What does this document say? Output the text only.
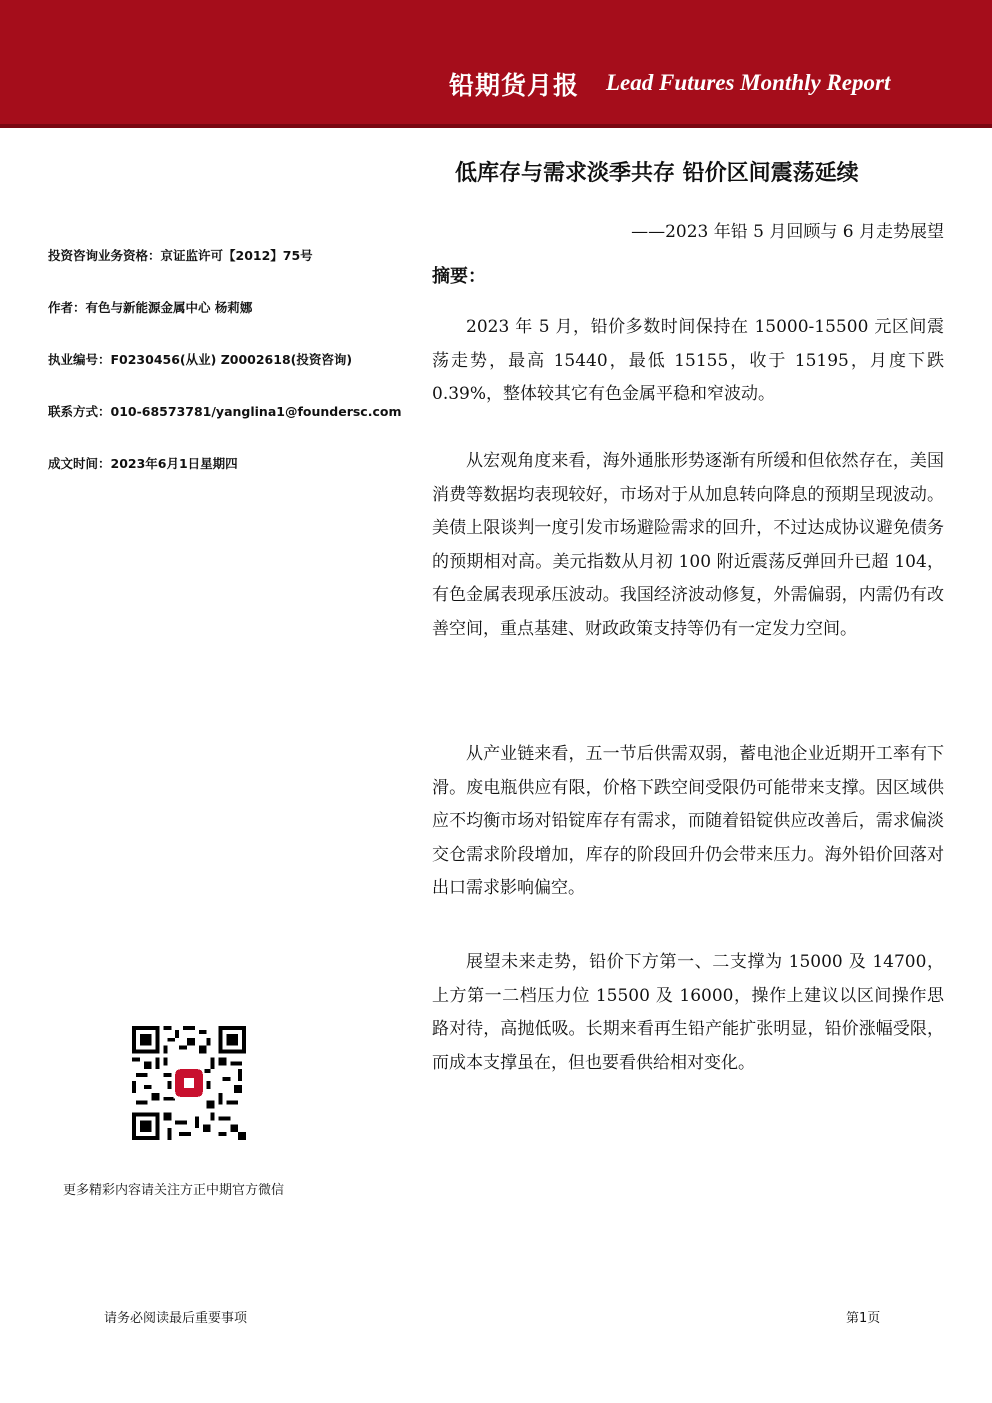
铅期货月报 Lead Futures Monthly Report
低库存与需求淡季共存 铅价区间震荡延续
——2023 年铅 5 月回顾与 6 月走势展望
投资咨询业务资格：京证监许可【2012】75号
作者：有色与新能源金属中心 杨莉娜
执业编号：F0230456(从业) Z0002618(投资咨询)
联系方式：010-68573781/yanglina1@foundersc.com
成文时间：2023年6月1日星期四
摘要：

2023 年 5 月，铅价多数时间保持在 15000-15500 元区间震荡走势，最高 15440，最低 15155，收于 15195，月度下跌 0.39%，整体较其它有色金属平稳和窄波动。

从宏观角度来看，海外通胀形势逐渐有所缓和但依然存在，美国消费等数据均表现较好，市场对于从加息转向降息的预期呈现波动。美债上限谈判一度引发市场避险需求的回升，不过达成协议避免债务的预期相对高。美元指数从月初 100 附近震荡反弹回升已超 104，有色金属表现承压波动。我国经济波动修复，外需偏弱，内需仍有改善空间，重点基建、财政政策支持等仍有一定发力空间。

从产业链来看，五一节后供需双弱，蓄电池企业近期开工率有下滑。废电瓶供应有限，价格下跌空间受限仍可能带来支撑。因区域供应不均衡市场对铅锭库存有需求，而随着铅锭供应改善后，需求偏淡交仓需求阶段增加，库存的阶段回升仍会带来压力。海外铅价回落对出口需求影响偏空。

展望未来走势，铅价下方第一、二支撑为 15000 及 14700，上方第一二档压力位 15500 及 16000，操作上建议以区间操作思路对待，高抛低吸。长期来看再生铅产能扩张明显，铅价涨幅受限，而成本支撑虽在，但也要看供给相对变化。

更多精彩内容请关注方正中期官方微信
请务必阅读最后重要事项	第1页
